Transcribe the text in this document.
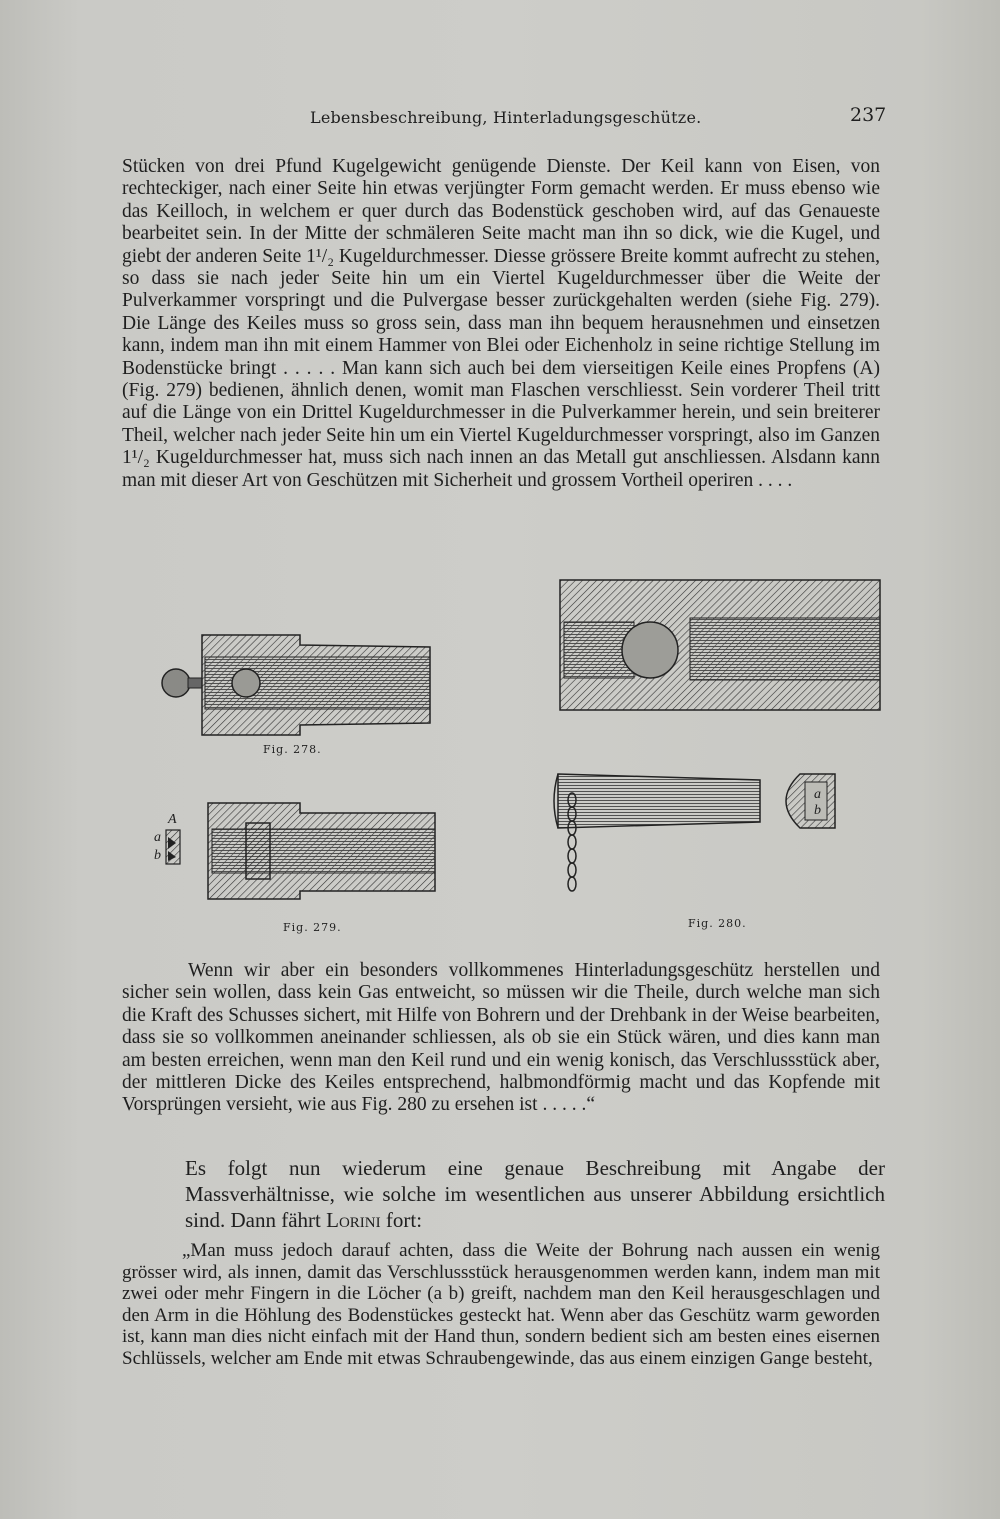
Lebensbeschreibung, Hinterladungsgeschütze.	237

Stücken von drei Pfund Kugelgewicht genügende Dienste. Der Keil kann von Eisen, von rechteckiger, nach einer Seite hin etwas verjüngter Form gemacht werden. Er muss ebenso wie das Keilloch, in welchem er quer durch das Bodenstück geschoben wird, auf das Genaueste bearbeitet sein. In der Mitte der schmäleren Seite macht man ihn so dick, wie die Kugel, und giebt der anderen Seite 1¹/₂ Kugeldurchmesser. Diesse grössere Breite kommt aufrecht zu stehen, so dass sie nach jeder Seite hin um ein Viertel Kugeldurchmesser über die Weite der Pulverkammer vorspringt und die Pulvergase besser zurückgehalten werden (siehe Fig. 279). Die Länge des Keiles muss so gross sein, dass man ihn bequem herausnehmen und einsetzen kann, indem man ihn mit einem Hammer von Blei oder Eichenholz in seine richtige Stellung im Bodenstücke bringt . . . . . Man kann sich auch bei dem vierseitigen Keile eines Propfens (A) (Fig. 279) bedienen, ähnlich denen, womit man Flaschen verschliesst. Sein vorderer Theil tritt auf die Länge von ein Drittel Kugeldurchmesser in die Pulverkammer herein, und sein breiterer Theil, welcher nach jeder Seite hin um ein Viertel Kugeldurchmesser vorspringt, also im Ganzen 1¹/₂ Kugeldurchmesser hat, muss sich nach innen an das Metall gut anschliessen. Alsdann kann man mit dieser Art von Geschützen mit Sicherheit und grossem Vortheil operiren . . . .

Fig. 278.
A
a
b
Fig. 279.
a
b
Fig. 280.

Wenn wir aber ein besonders vollkommenes Hinterladungsgeschütz herstellen und sicher sein wollen, dass kein Gas entweicht, so müssen wir die Theile, durch welche man sich die Kraft des Schusses sichert, mit Hilfe von Bohrern und der Drehbank in der Weise bearbeiten, dass sie so vollkommen aneinander schliessen, als ob sie ein Stück wären, und dies kann man am besten erreichen, wenn man den Keil rund und ein wenig konisch, das Verschlussstück aber, der mittleren Dicke des Keiles entsprechend, halbmondförmig macht und das Kopfende mit Vorsprüngen versieht, wie aus Fig. 280 zu ersehen ist . . . . .“

Es folgt nun wiederum eine genaue Beschreibung mit Angabe der Massverhältnisse, wie solche im wesentlichen aus unserer Abbildung ersichtlich sind. Dann fährt Lorini fort:

„Man muss jedoch darauf achten, dass die Weite der Bohrung nach aussen ein wenig grösser wird, als innen, damit das Verschlussstück herausgenommen werden kann, indem man mit zwei oder mehr Fingern in die Löcher (a b) greift, nachdem man den Keil herausgeschlagen und den Arm in die Höhlung des Bodenstückes gesteckt hat. Wenn aber das Geschütz warm geworden ist, kann man dies nicht einfach mit der Hand thun, sondern bedient sich am besten eines eisernen Schlüssels, welcher am Ende mit etwas Schraubengewinde, das aus einem einzigen Gange besteht,
